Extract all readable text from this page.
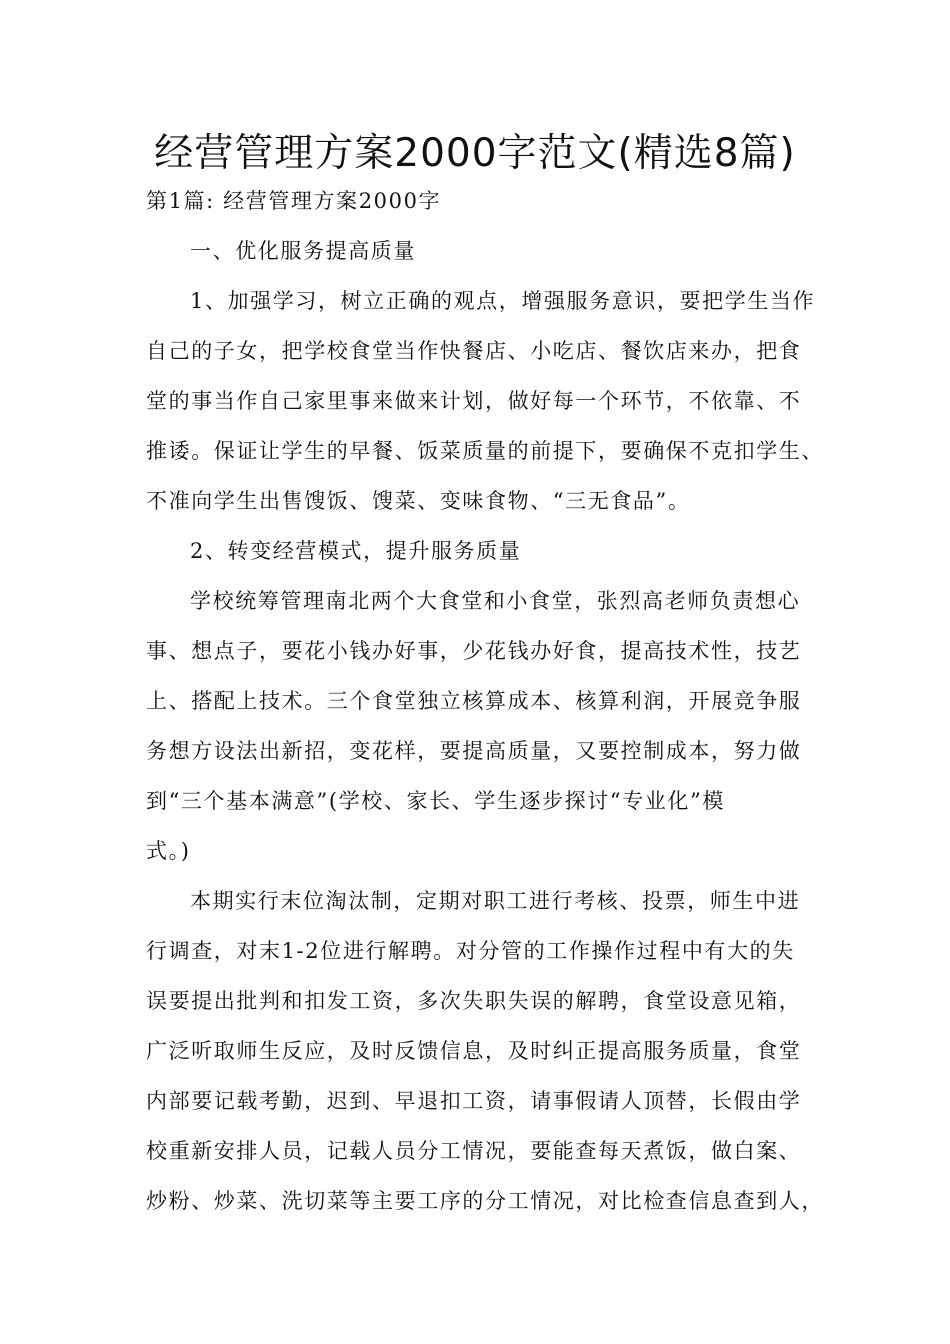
经营管理方案2000字范文(精选8篇)
第1篇: 经营管理方案2000字
一、优化服务提高质量
1、加强学习，树立正确的观点，增强服务意识，要把学生当作
自己的子女，把学校食堂当作快餐店、小吃店、餐饮店来办，把食
堂的事当作自己家里事来做来计划，做好每一个环节，不依靠、不
推诿。保证让学生的早餐、饭菜质量的前提下，要确保不克扣学生、
不准向学生出售馊饭、馊菜、变味食物、“三无食品”。
2、转变经营模式，提升服务质量
学校统筹管理南北两个大食堂和小食堂，张烈高老师负责想心
事、想点子，要花小钱办好事，少花钱办好食，提高技术性，技艺
上、搭配上技术。三个食堂独立核算成本、核算利润，开展竞争服
务想方设法出新招，变花样，要提高质量，又要控制成本，努力做
到“三个基本满意”(学校、家长、学生逐步探讨“专业化”模
式。)
本期实行末位淘汰制，定期对职工进行考核、投票，师生中进
行调查，对末1-2位进行解聘。对分管的工作操作过程中有大的失
误要提出批判和扣发工资，多次失职失误的解聘，食堂设意见箱，
广泛听取师生反应，及时反馈信息，及时纠正提高服务质量，食堂
内部要记载考勤，迟到、早退扣工资，请事假请人顶替，长假由学
校重新安排人员，记载人员分工情况，要能查每天煮饭，做白案、
炒粉、炒菜、洗切菜等主要工序的分工情况，对比检查信息查到人，
